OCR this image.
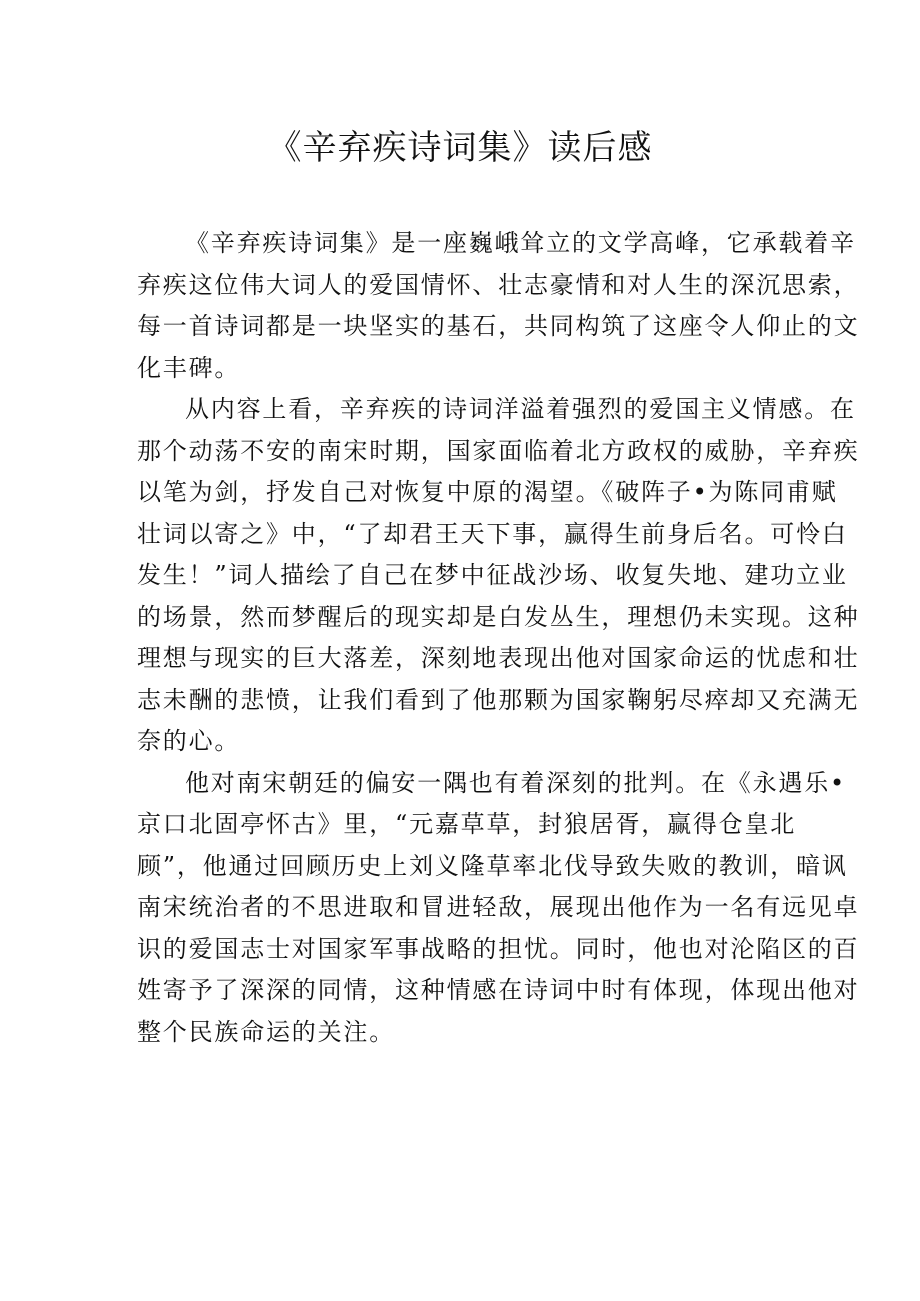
《辛弃疾诗词集》读后感
《辛弃疾诗词集》是一座巍峨耸立的文学高峰，它承载着辛
弃疾这位伟大词人的爱国情怀、壮志豪情和对人生的深沉思索，
每一首诗词都是一块坚实的基石，共同构筑了这座令人仰止的文
化丰碑。
从内容上看，辛弃疾的诗词洋溢着强烈的爱国主义情感。在
那个动荡不安的南宋时期，国家面临着北方政权的威胁，辛弃疾
以笔为剑，抒发自己对恢复中原的渴望。《破阵子•为陈同甫赋
壮词以寄之》中，“了却君王天下事，赢得生前身后名。可怜白
发生！”词人描绘了自己在梦中征战沙场、收复失地、建功立业
的场景，然而梦醒后的现实却是白发丛生，理想仍未实现。这种
理想与现实的巨大落差，深刻地表现出他对国家命运的忧虑和壮
志未酬的悲愤，让我们看到了他那颗为国家鞠躬尽瘁却又充满无
奈的心。
他对南宋朝廷的偏安一隅也有着深刻的批判。在《永遇乐•
京口北固亭怀古》里，“元嘉草草，封狼居胥，赢得仓皇北
顾”，他通过回顾历史上刘义隆草率北伐导致失败的教训，暗讽
南宋统治者的不思进取和冒进轻敌，展现出他作为一名有远见卓
识的爱国志士对国家军事战略的担忧。同时，他也对沦陷区的百
姓寄予了深深的同情，这种情感在诗词中时有体现，体现出他对
整个民族命运的关注。
